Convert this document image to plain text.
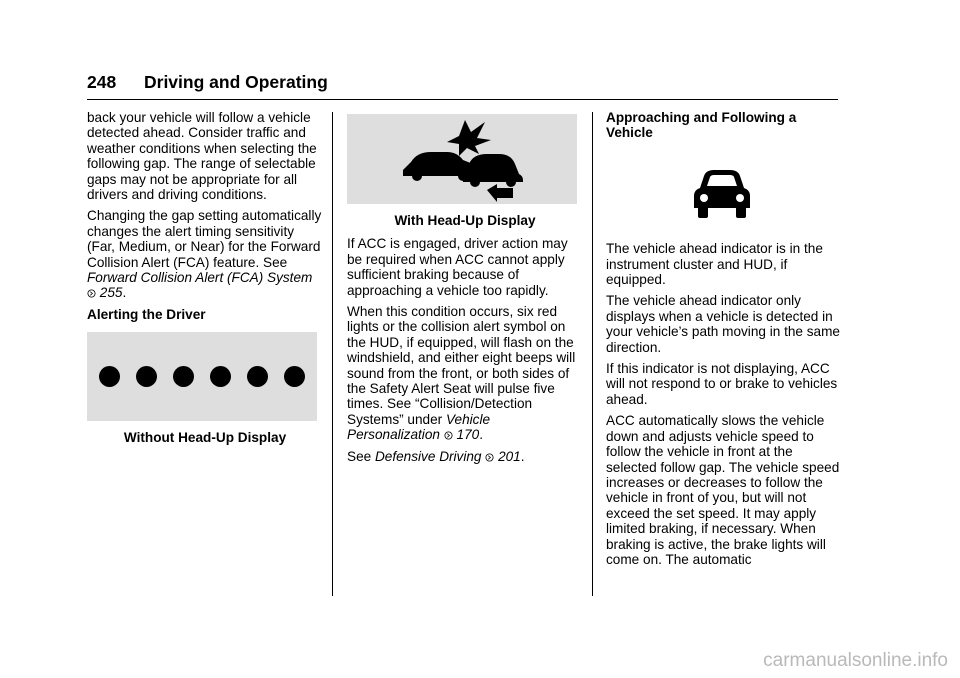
248 Driving and Operating

back your vehicle will follow a vehicle detected ahead. Consider traffic and weather conditions when selecting the following gap. The range of selectable gaps may not be appropriate for all drivers and driving conditions.

Changing the gap setting automatically changes the alert timing sensitivity (Far, Medium, or Near) for the Forward Collision Alert (FCA) feature. See Forward Collision Alert (FCA) System  255.

Alerting the Driver
Without Head-Up Display
With Head-Up Display

If ACC is engaged, driver action may be required when ACC cannot apply sufficient braking because of approaching a vehicle too rapidly.

When this condition occurs, six red lights or the collision alert symbol on the HUD, if equipped, will flash on the windshield, and either eight beeps will sound from the front, or both sides of the Safety Alert Seat will pulse five times. See “Collision/Detection Systems” under Vehicle Personalization 170.

See Defensive Driving 201.

Approaching and Following a Vehicle

The vehicle ahead indicator is in the instrument cluster and HUD, if equipped.

The vehicle ahead indicator only displays when a vehicle is detected in your vehicle’s path moving in the same direction.

If this indicator is not displaying, ACC will not respond to or brake to vehicles ahead.

ACC automatically slows the vehicle down and adjusts vehicle speed to follow the vehicle in front at the selected follow gap. The vehicle speed increases or decreases to follow the vehicle in front of you, but will not exceed the set speed. It may apply limited braking, if necessary. When braking is active, the brake lights will come on. The automatic

carmanualsonline.info
